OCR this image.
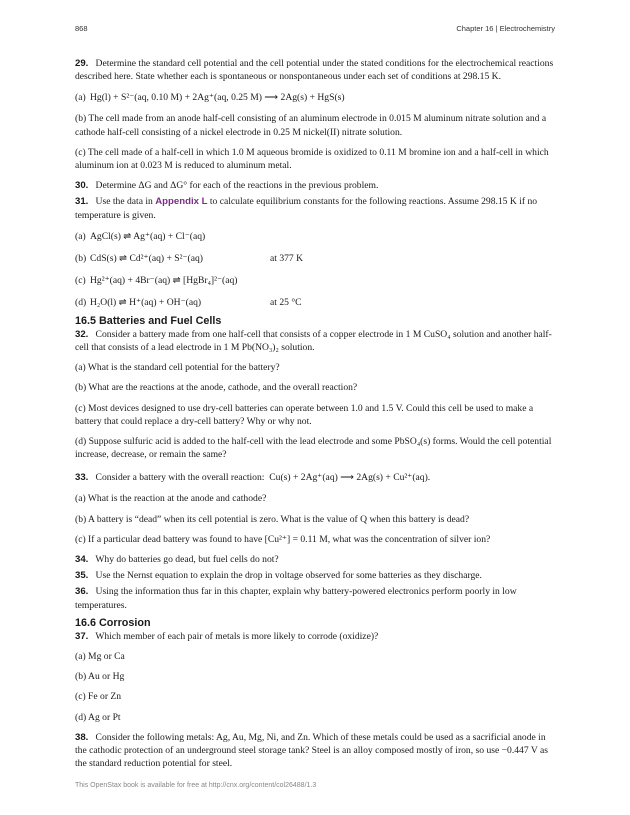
868	Chapter 16 | Electrochemistry

29. Determine the standard cell potential and the cell potential under the stated conditions for the electrochemical reactions described here. State whether each is spontaneous or nonspontaneous under each set of conditions at 298.15 K.

(a) Hg(l) + S²⁻(aq, 0.10 M) + 2Ag⁺(aq, 0.25 M) ⟶ 2Ag(s) + HgS(s)

(b) The cell made from an anode half-cell consisting of an aluminum electrode in 0.015 M aluminum nitrate solution and a cathode half-cell consisting of a nickel electrode in 0.25 M nickel(II) nitrate solution.

(c) The cell made of a half-cell in which 1.0 M aqueous bromide is oxidized to 0.11 M bromine ion and a half-cell in which aluminum ion at 0.023 M is reduced to aluminum metal.

30. Determine ΔG and ΔG° for each of the reactions in the previous problem.

31. Use the data in Appendix L to calculate equilibrium constants for the following reactions. Assume 298.15 K if no temperature is given.

(a) AgCl(s) ⇌ Ag⁺(aq) + Cl⁻(aq)
(b) CdS(s) ⇌ Cd²⁺(aq) + S²⁻(aq)	at 377 K
(c) Hg²⁺(aq) + 4Br⁻(aq) ⇌ [HgBr₄]²⁻(aq)
(d) H₂O(l) ⇌ H⁺(aq) + OH⁻(aq)	at 25 °C
16.5 Batteries and Fuel Cells

32. Consider a battery made from one half-cell that consists of a copper electrode in 1 M CuSO₄ solution and another half-cell that consists of a lead electrode in 1 M Pb(NO₃)₂ solution.

(a) What is the standard cell potential for the battery?

(b) What are the reactions at the anode, cathode, and the overall reaction?

(c) Most devices designed to use dry-cell batteries can operate between 1.0 and 1.5 V. Could this cell be used to make a battery that could replace a dry-cell battery? Why or why not.

(d) Suppose sulfuric acid is added to the half-cell with the lead electrode and some PbSO₄(s) forms. Would the cell potential increase, decrease, or remain the same?

33.
Consider a battery with the overall reaction:
Cu(s) + 2Ag⁺(aq) ⟶ 2Ag(s) + Cu²⁺(aq).

(a) What is the reaction at the anode and cathode?

(b) A battery is “dead” when its cell potential is zero. What is the value of Q when this battery is dead?

(c) If a particular dead battery was found to have [Cu²⁺] = 0.11 M, what was the concentration of silver ion?

34. Why do batteries go dead, but fuel cells do not?

35. Use the Nernst equation to explain the drop in voltage observed for some batteries as they discharge.

36. Using the information thus far in this chapter, explain why battery-powered electronics perform poorly in low temperatures.

16.6 Corrosion

37. Which member of each pair of metals is more likely to corrode (oxidize)?

(a) Mg or Ca

(b) Au or Hg

(c) Fe or Zn

(d) Ag or Pt

38. Consider the following metals: Ag, Au, Mg, Ni, and Zn. Which of these metals could be used as a sacrificial anode in the cathodic protection of an underground steel storage tank? Steel is an alloy composed mostly of iron, so use −0.447 V as the standard reduction potential for steel.

This OpenStax book is available for free at http://cnx.org/content/col26488/1.3
